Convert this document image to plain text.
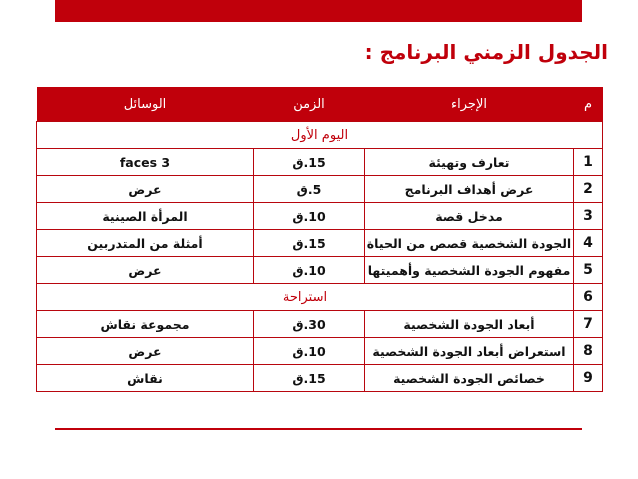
الجدول الزمني البرنامج :
م	الإجراء	الزمن	الوسائل
اليوم الأول			
1	تعارف وتهيئة	15.ق	3 faces
2	عرض أهداف البرنامج	5.ق	عرض
3	مدخل قصة	10.ق	المرأة الصينية
4	الجودة الشخصية قصص من الحياة	15.ق	أمثلة من المتدربين
5	مفهوم الجودة الشخصية وأهميتها	10.ق	عرض
6	استراحة		
7	أبعاد الجودة الشخصية	30.ق	مجموعة نقاش
8	استعراض أبعاد الجودة الشخصية	10.ق	عرض
9	خصائص الجودة الشخصية	15.ق	نقاش
